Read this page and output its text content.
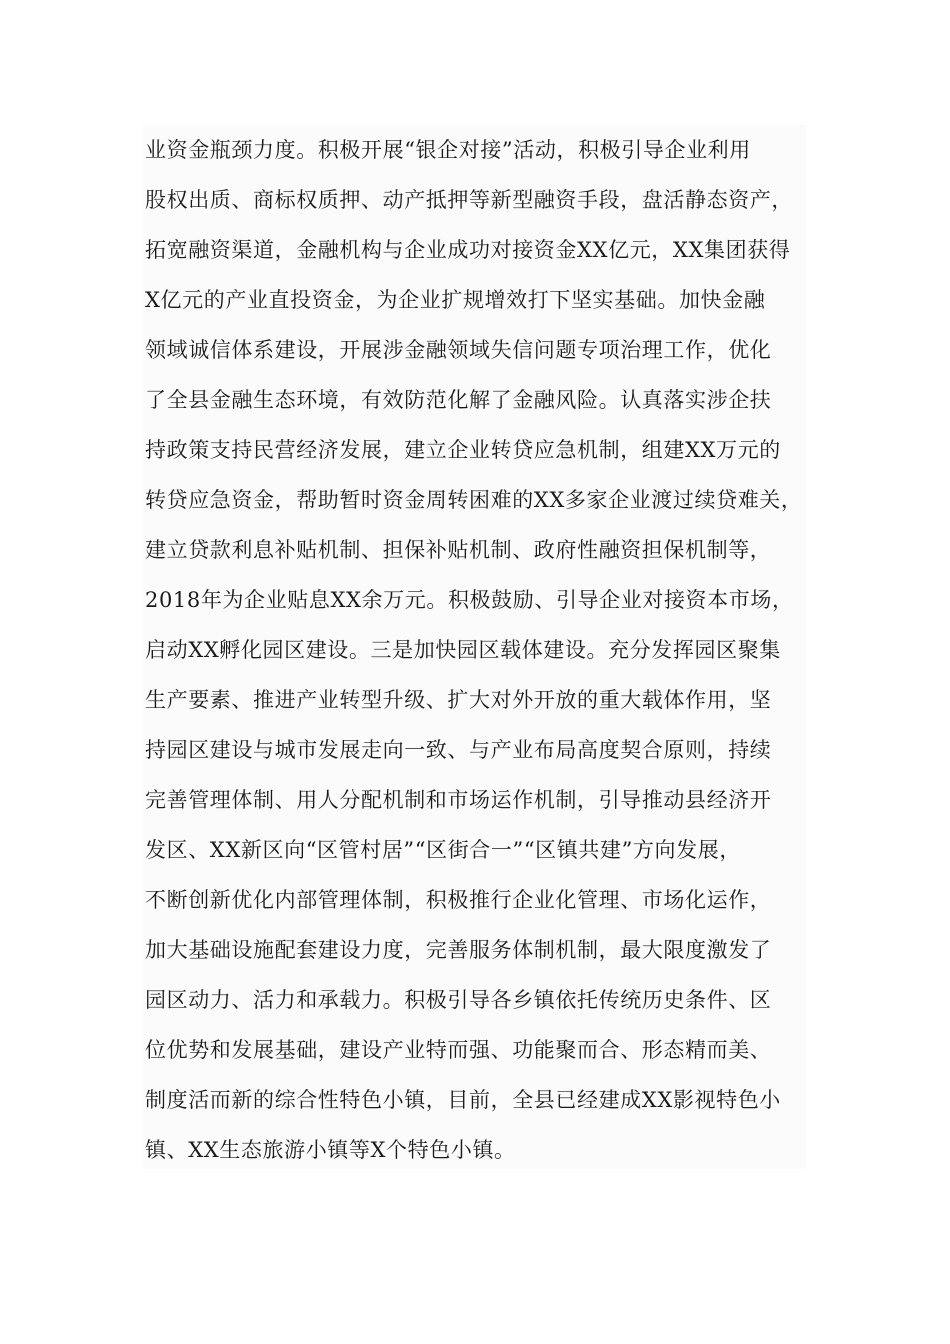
业资金瓶颈力度。积极开展“银企对接”活动，积极引导企业利用
股权出质、商标权质押、动产抵押等新型融资手段，盘活静态资产，
拓宽融资渠道，金融机构与企业成功对接资金XX亿元，XX集团获得
X亿元的产业直投资金，为企业扩规增效打下坚实基础。加快金融
领域诚信体系建设，开展涉金融领域失信问题专项治理工作，优化
了全县金融生态环境，有效防范化解了金融风险。认真落实涉企扶
持政策支持民营经济发展，建立企业转贷应急机制，组建XX万元的
转贷应急资金，帮助暂时资金周转困难的XX多家企业渡过续贷难关，
建立贷款利息补贴机制、担保补贴机制、政府性融资担保机制等，
2018年为企业贴息XX余万元。积极鼓励、引导企业对接资本市场，
启动XX孵化园区建设。三是加快园区载体建设。充分发挥园区聚集
生产要素、推进产业转型升级、扩大对外开放的重大载体作用，坚
持园区建设与城市发展走向一致、与产业布局高度契合原则，持续
完善管理体制、用人分配机制和市场运作机制，引导推动县经济开
发区、XX新区向“区管村居”“区街合一”“区镇共建”方向发展，
不断创新优化内部管理体制，积极推行企业化管理、市场化运作，
加大基础设施配套建设力度，完善服务体制机制，最大限度激发了
园区动力、活力和承载力。积极引导各乡镇依托传统历史条件、区
位优势和发展基础，建设产业特而强、功能聚而合、形态精而美、
制度活而新的综合性特色小镇，目前，全县已经建成XX影视特色小
镇、XX生态旅游小镇等X个特色小镇。
